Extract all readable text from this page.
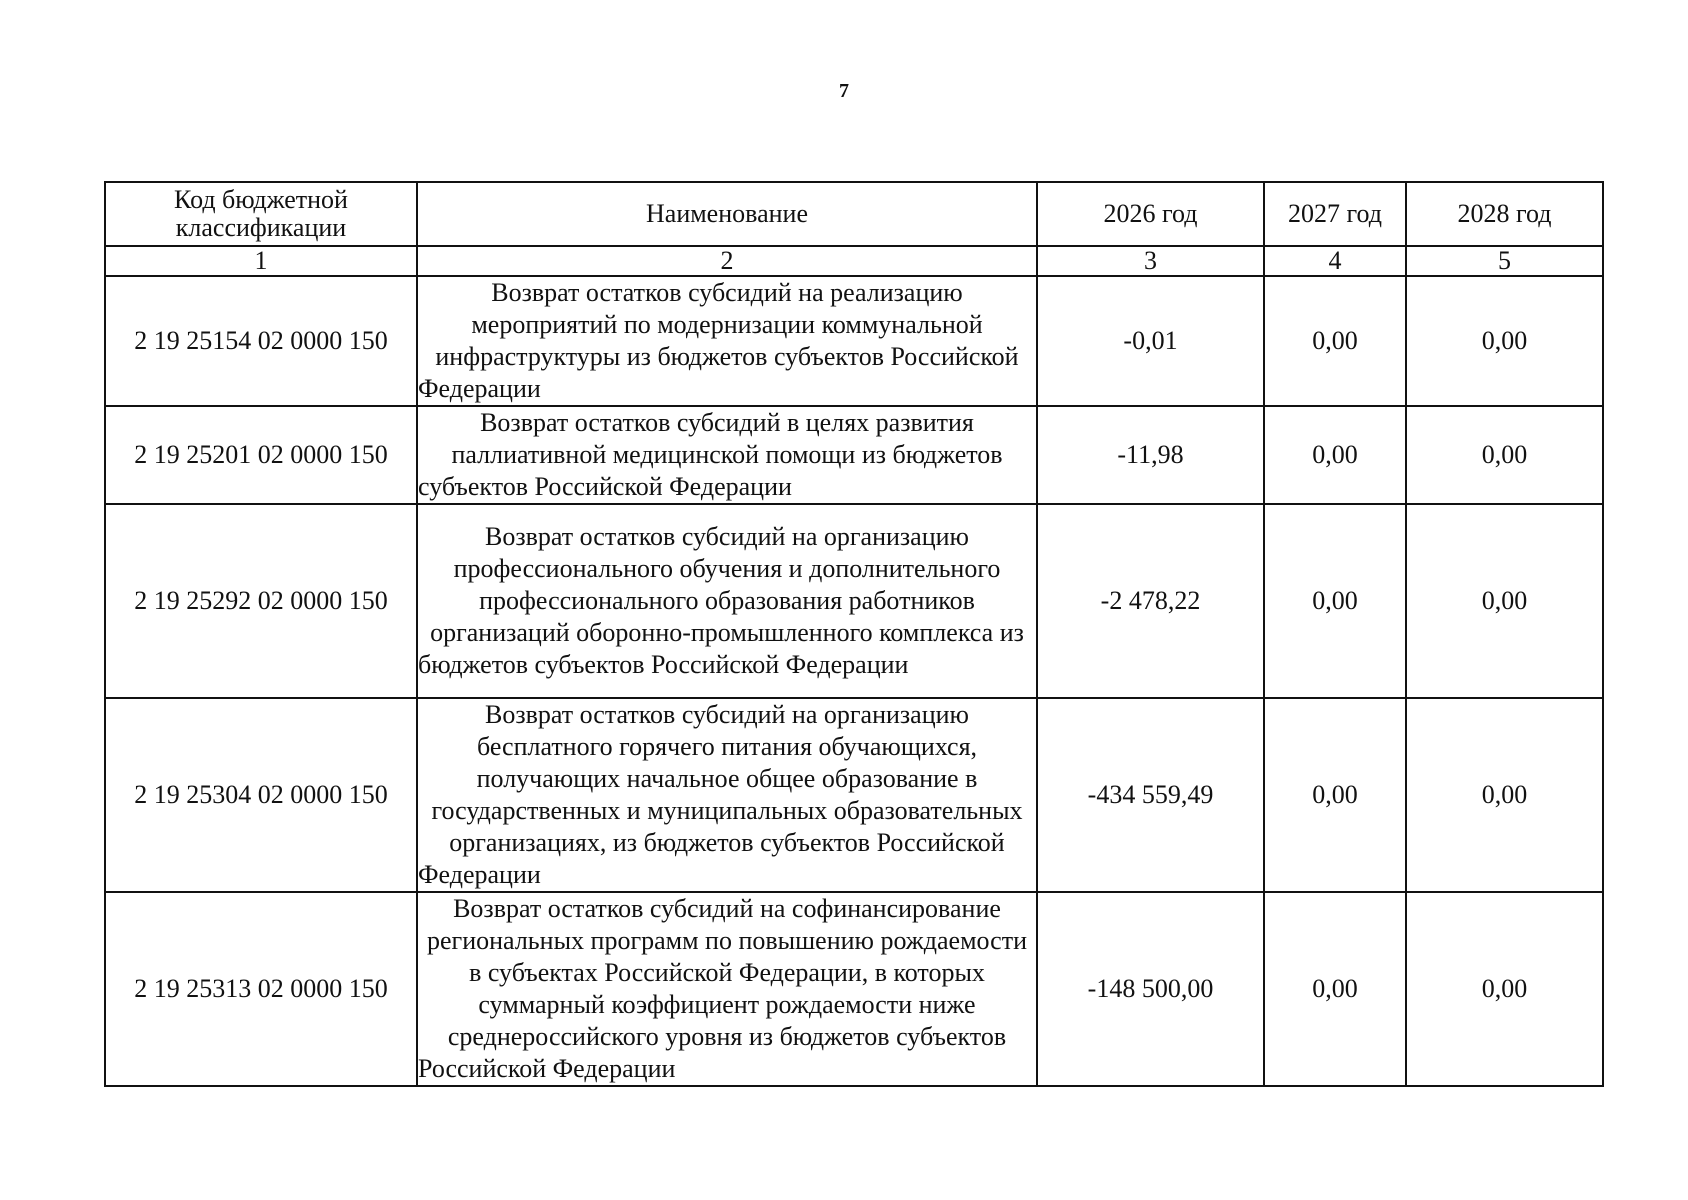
7
Код бюджетной классификации	Наименование	2026 год	2027 год	2028 год
1	2	3	4	5
2 19 25154 02 0000 150	Возврат остатков субсидий на реализацию мероприятий по модернизации коммунальной инфраструктуры из бюджетов субъектов Российской Федерации	-0,01	0,00	0,00
2 19 25201 02 0000 150	Возврат остатков субсидий в целях развития паллиативной медицинской помощи из бюджетов субъектов Российской Федерации	-11,98	0,00	0,00
2 19 25292 02 0000 150	Возврат остатков субсидий на организацию профессионального обучения и дополнительного профессионального образования работников организаций оборонно-промышленного комплекса из бюджетов субъектов Российской Федерации	-2 478,22	0,00	0,00
2 19 25304 02 0000 150	Возврат остатков субсидий на организацию бесплатного горячего питания обучающихся, получающих начальное общее образование в государственных и муниципальных образовательных организациях, из бюджетов субъектов Российской Федерации	-434 559,49	0,00	0,00
2 19 25313 02 0000 150	Возврат остатков субсидий на софинансирование региональных программ по повышению рождаемости в субъектах Российской Федерации, в которых суммарный коэффициент рождаемости ниже среднероссийского уровня из бюджетов субъектов Российской Федерации	-148 500,00	0,00	0,00
